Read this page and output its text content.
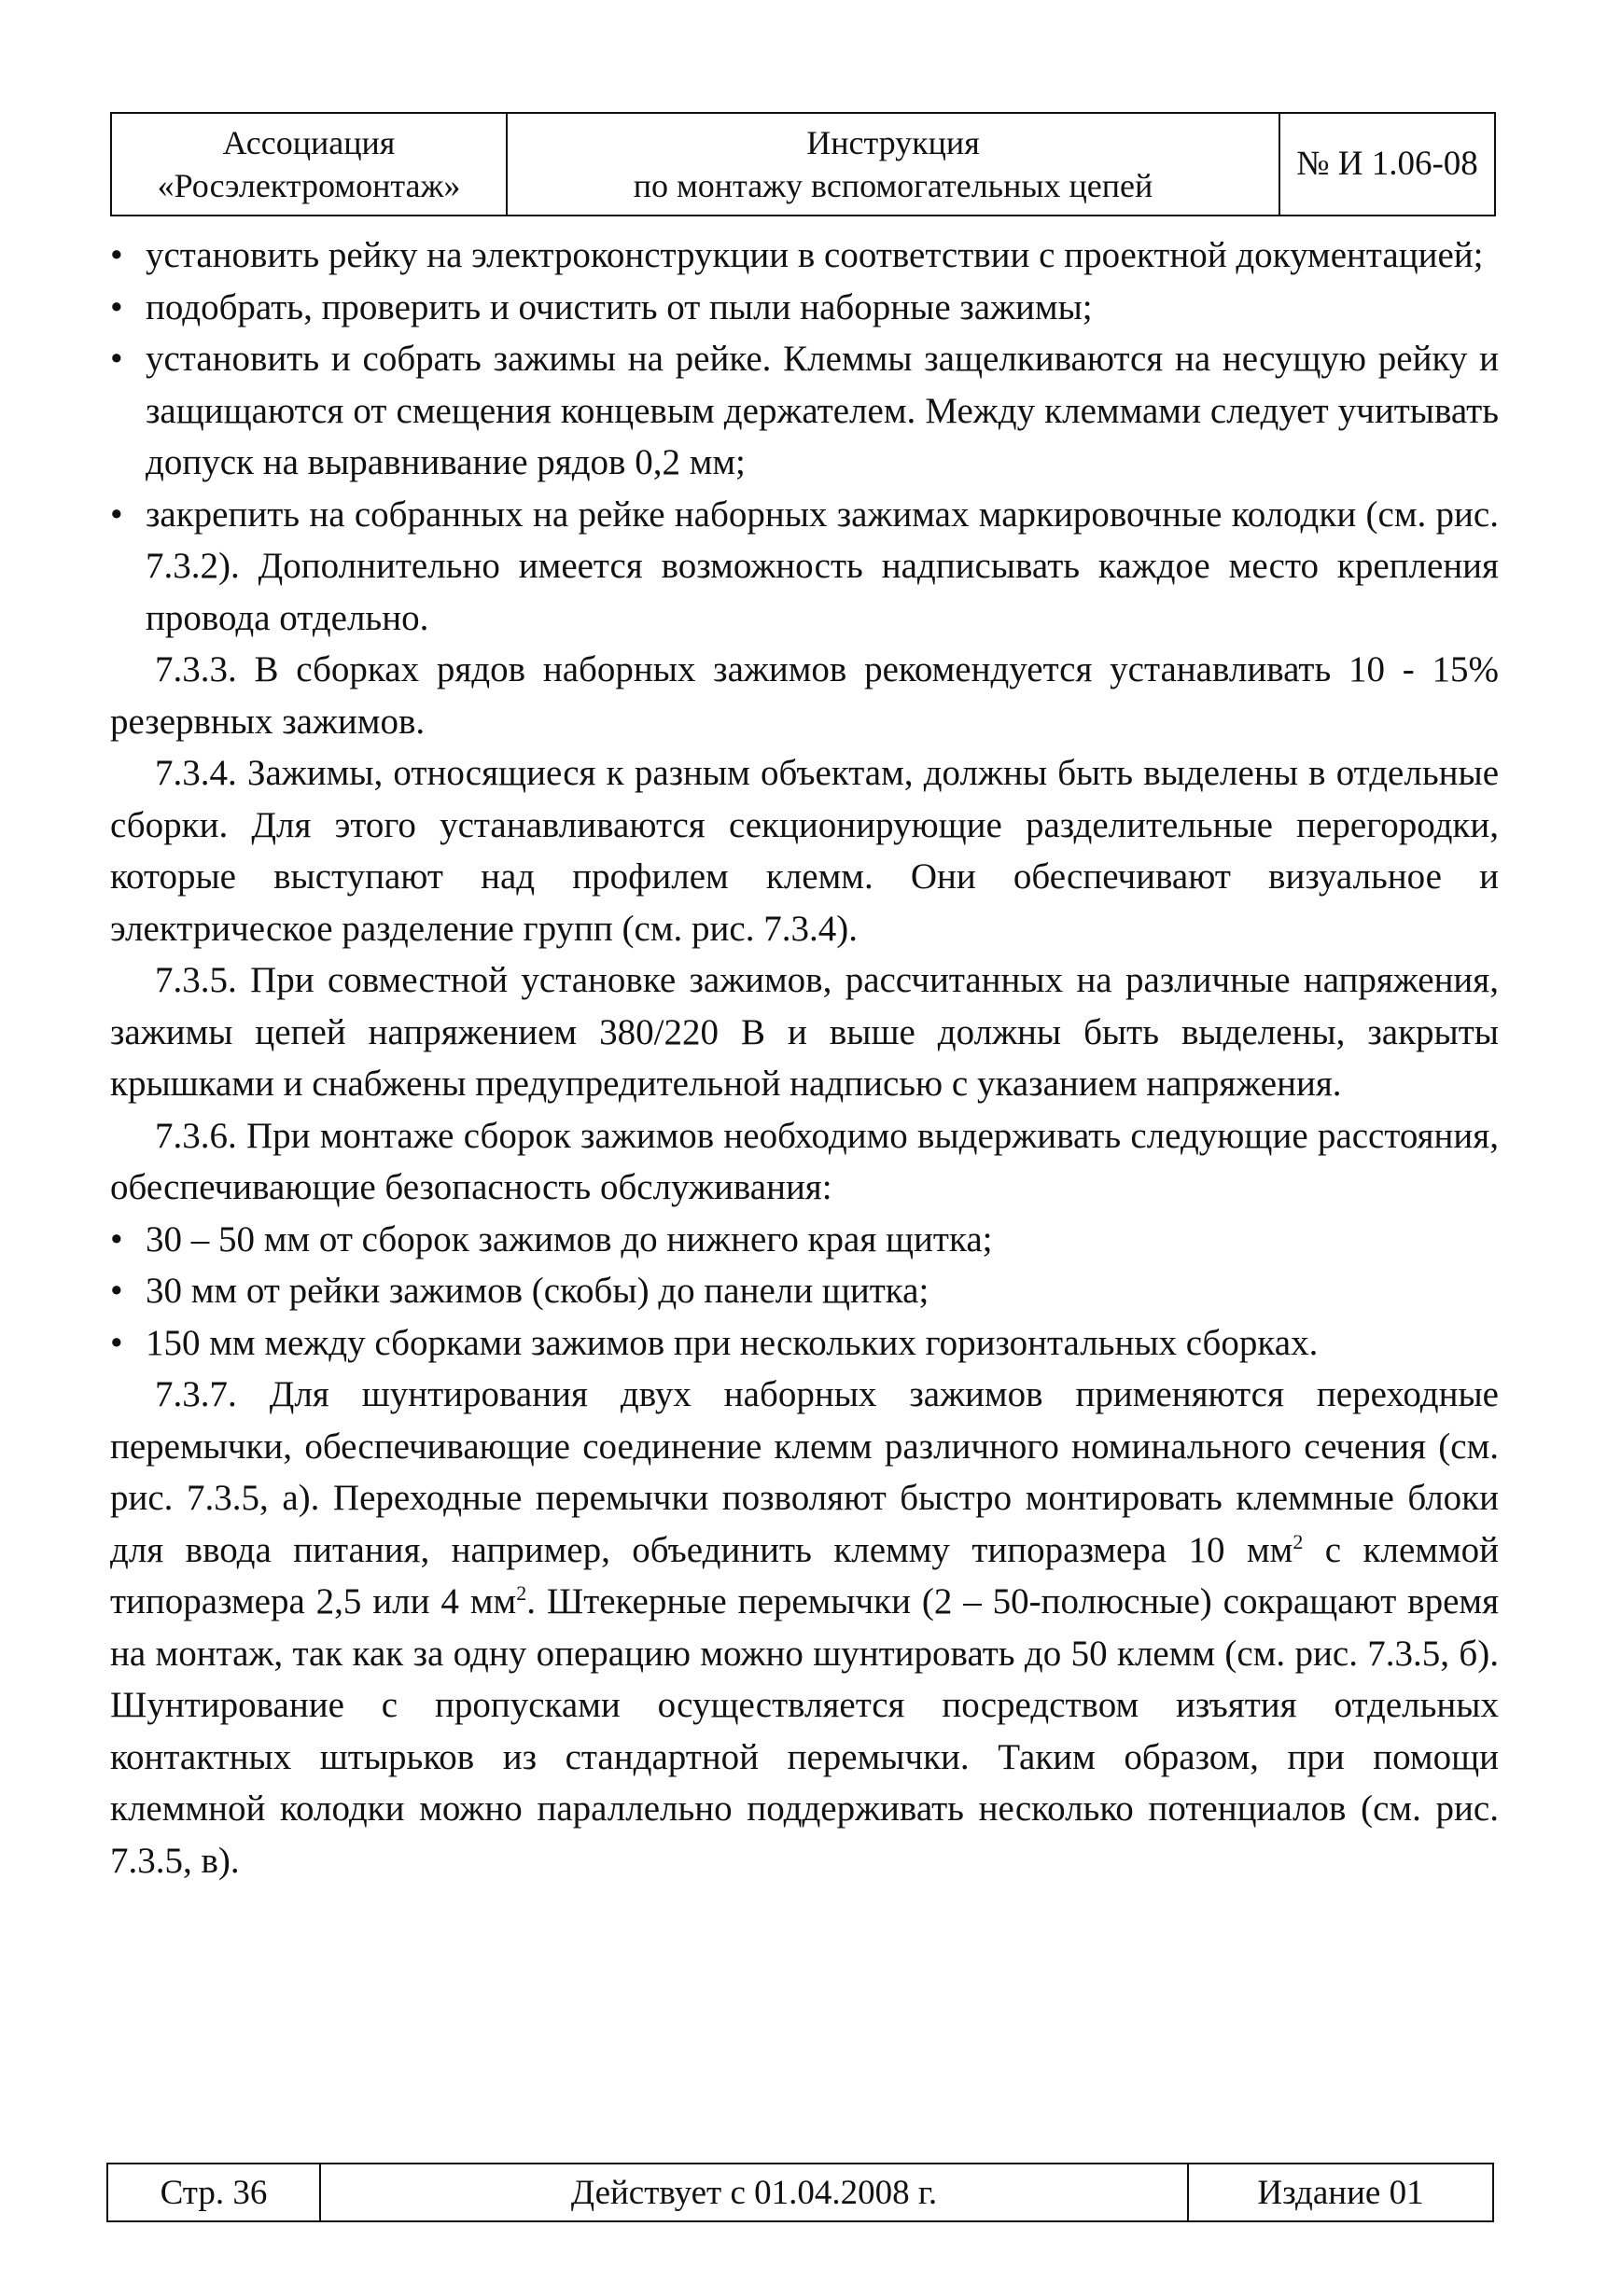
Ассоциация
«Росэлектромонтаж»
Инструкция
по монтажу вспомогательных цепей
№ И 1.06-08

• установить рейку на электроконструкции в соответствии с проектной документацией;

• подобрать, проверить и очистить от пыли наборные зажимы;

• установить и собрать зажимы на рейке. Клеммы защелкиваются на несущую рейку и защищаются от смещения концевым держателем. Между клеммами следует учитывать допуск на выравнивание рядов 0,2 мм;

• закрепить на собранных на рейке наборных зажимах маркировочные колодки (см. рис. 7.3.2). Дополнительно имеется возможность надписывать каждое место крепления провода отдельно.

7.3.3. В сборках рядов наборных зажимов рекомендуется устанавливать 10 - 15% резервных зажимов.

7.3.4. Зажимы, относящиеся к разным объектам, должны быть выделены в отдельные сборки. Для этого устанавливаются секционирующие разделительные перегородки, которые выступают над профилем клемм. Они обеспечивают визуальное и электрическое разделение групп (см. рис. 7.3.4).

7.3.5. При совместной установке зажимов, рассчитанных на различные напряжения, зажимы цепей напряжением 380/220 В и выше должны быть выделены, закрыты крышками и снабжены предупредительной надписью с указанием напряжения.

7.3.6. При монтаже сборок зажимов необходимо выдерживать следующие расстояния, обеспечивающие безопасность обслуживания:

• 30 – 50 мм от сборок зажимов до нижнего края щитка;

• 30 мм от рейки зажимов (скобы) до панели щитка;

• 150 мм между сборками зажимов при нескольких горизонтальных сборках.

7.3.7. Для шунтирования двух наборных зажимов применяются переходные перемычки, обеспечивающие соединение клемм различного номинального сечения (см. рис. 7.3.5, а). Переходные перемычки позволяют быстро монтировать клеммные блоки для ввода питания, например, объединить клемму типоразмера 10 $мм^2$ с клеммой типоразмера 2,5 или 4 $мм^2$. Штекерные перемычки (2 – 50-полюсные) сокращают время на монтаж, так как за одну операцию можно шунтировать до 50 клемм (см. рис. 7.3.5, б). Шунтирование с пропусками осуществляется посредством изъятия отдельных контактных штырьков из стандартной перемычки. Таким образом, при помощи клеммной колодки можно параллельно поддерживать несколько потенциалов (см. рис. 7.3.5, в).

Стр. 36	Действует с 01.04.2008 г.	Издание 01
